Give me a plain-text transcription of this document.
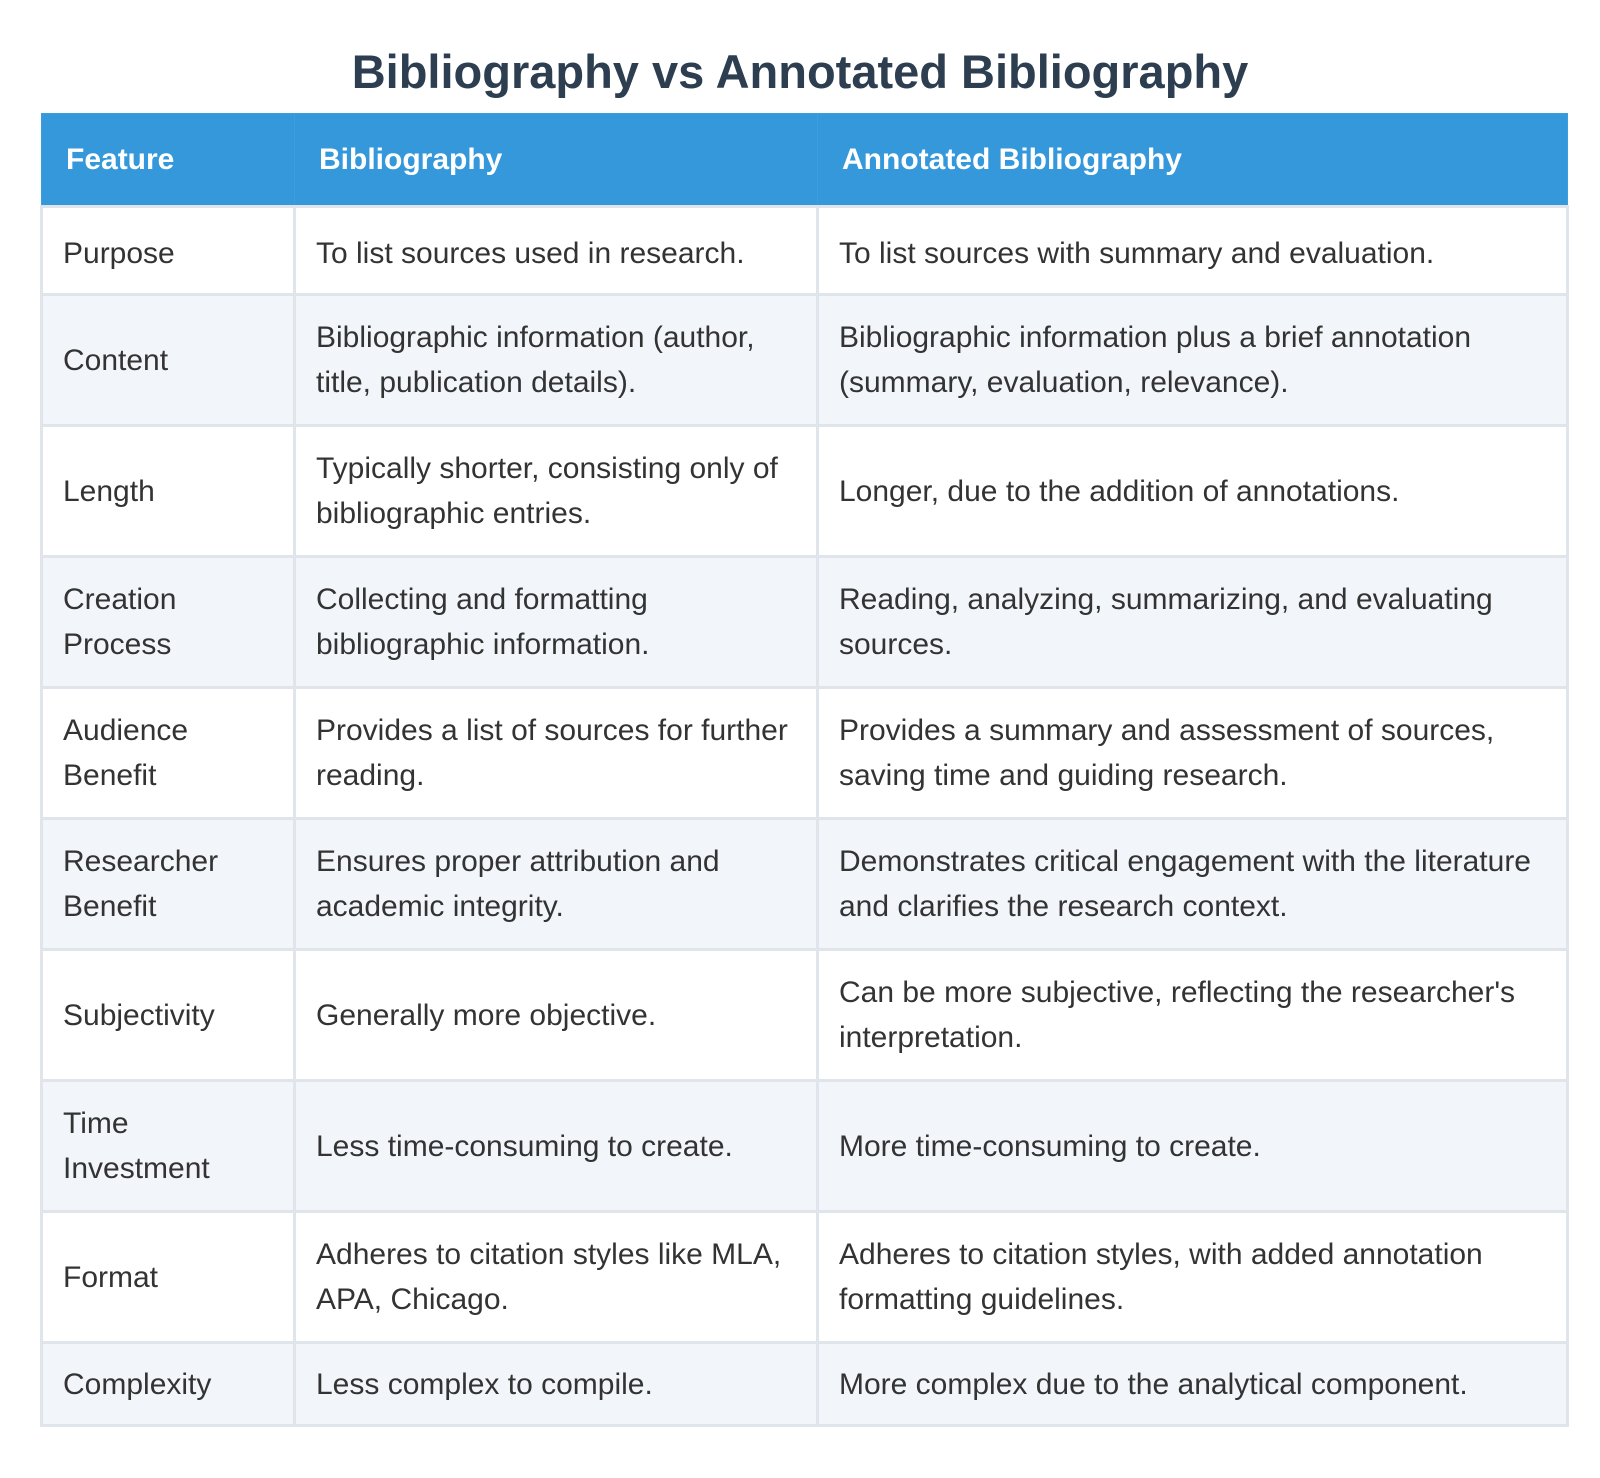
Bibliography vs Annotated Bibliography
Feature	Bibliography	Annotated Bibliography
Purpose	To list sources used in research.	To list sources with summary and evaluation.
Content	Bibliographic information (author, title, publication details).	Bibliographic information plus a brief annotation (summary, evaluation, relevance).
Length	Typically shorter, consisting only of bibliographic entries.	Longer, due to the addition of annotations.
Creation Process	Collecting and formatting bibliographic information.	Reading, analyzing, summarizing, and evaluating sources.
Audience Benefit	Provides a list of sources for further reading.	Provides a summary and assessment of sources, saving time and guiding research.
Researcher Benefit	Ensures proper attribution and academic integrity.	Demonstrates critical engagement with the literature and clarifies the research context.
Subjectivity	Generally more objective.	Can be more subjective, reflecting the researcher's interpretation.
Time Investment	Less time-consuming to create.	More time-consuming to create.
Format	Adheres to citation styles like MLA, APA, Chicago.	Adheres to citation styles, with added annotation formatting guidelines.
Complexity	Less complex to compile.	More complex due to the analytical component.
